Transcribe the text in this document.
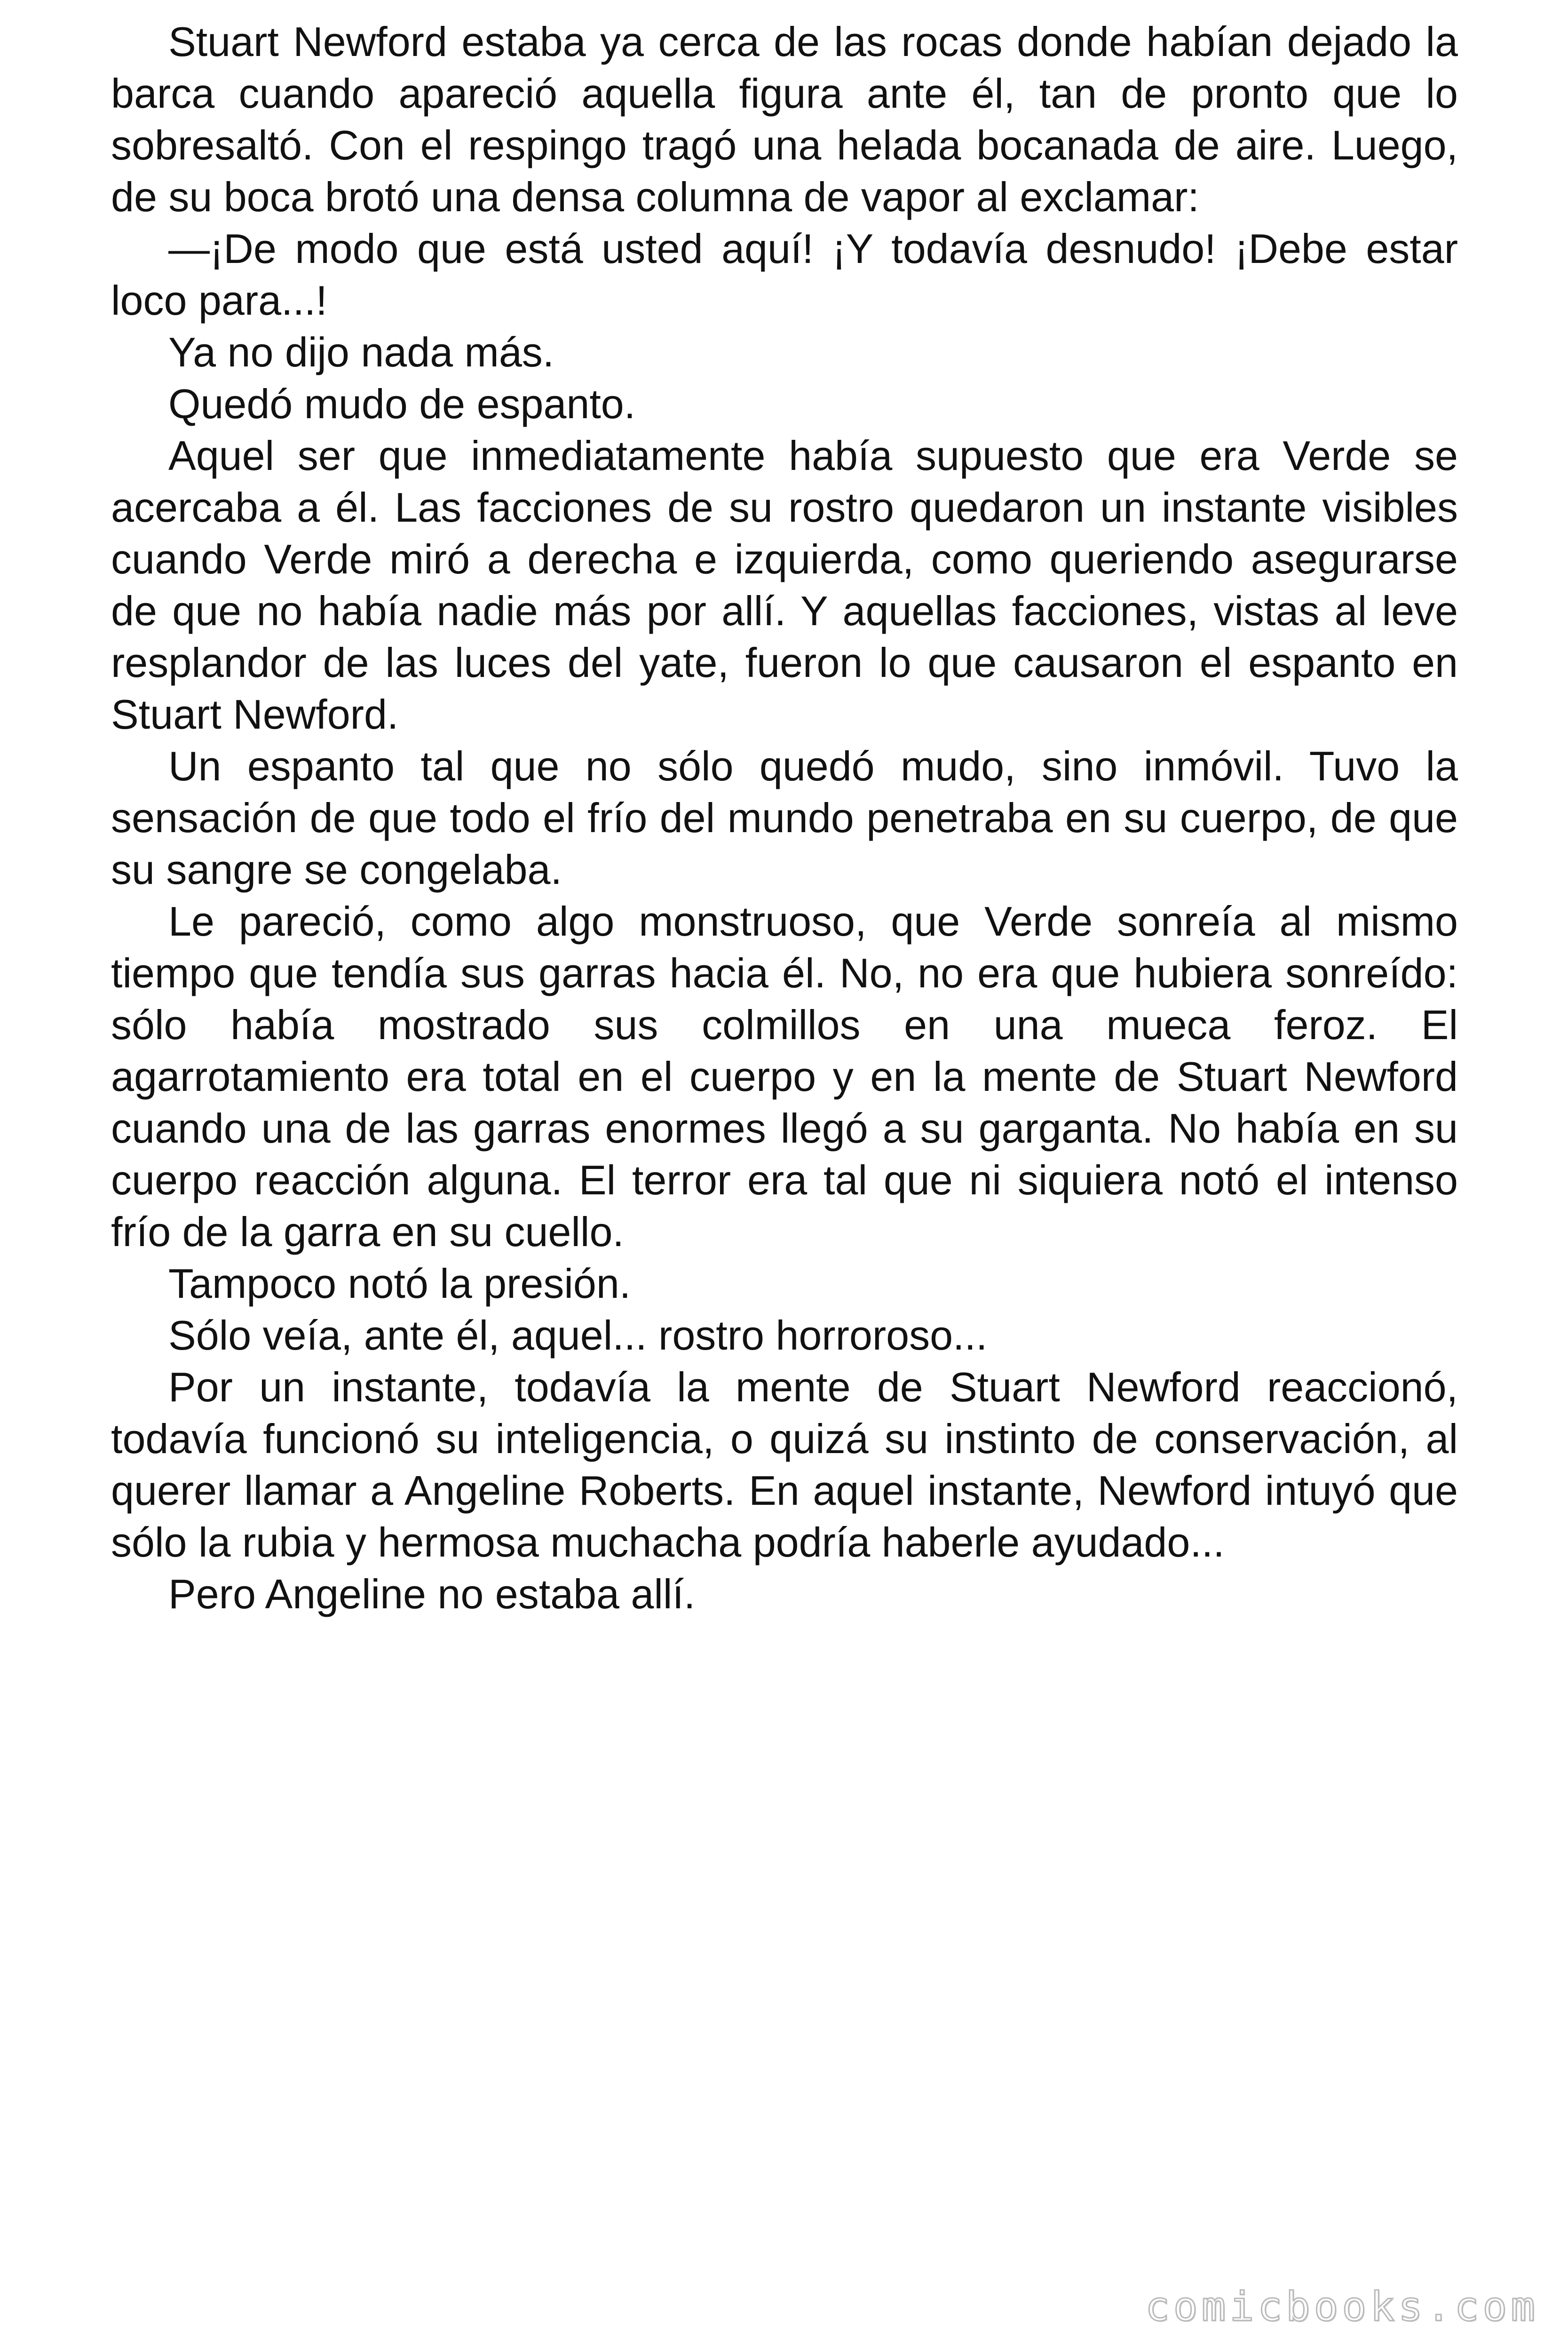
Stuart Newford estaba ya cerca de las rocas donde habían dejado la barca cuando apareció aquella figura ante él, tan de pronto que lo sobresaltó. Con el respingo tragó una helada bocanada de aire. Luego, de su boca brotó una densa columna de vapor al exclamar:

—¡De modo que está usted aquí! ¡Y todavía desnudo! ¡Debe estar loco para...!

Ya no dijo nada más.

Quedó mudo de espanto.

Aquel ser que inmediatamente había supuesto que era Verde se acercaba a él. Las facciones de su rostro quedaron un instante visibles cuando Verde miró a derecha e izquierda, como queriendo asegurarse de que no había nadie más por allí. Y aquellas facciones, vistas al leve resplandor de las luces del yate, fueron lo que causaron el espanto en Stuart Newford.

Un espanto tal que no sólo quedó mudo, sino inmóvil. Tuvo la sensación de que todo el frío del mundo penetraba en su cuerpo, de que su sangre se congelaba.

Le pareció, como algo monstruoso, que Verde sonreía al mismo tiempo que tendía sus garras hacia él. No, no era que hubiera sonreído: sólo había mostrado sus colmillos en una mueca feroz. El agarrotamiento era total en el cuerpo y en la mente de Stuart Newford cuando una de las garras enormes llegó a su garganta. No había en su cuerpo reacción alguna. El terror era tal que ni siquiera notó el intenso frío de la garra en su cuello.

Tampoco notó la presión.

Sólo veía, ante él, aquel... rostro horroroso...

Por un instante, todavía la mente de Stuart Newford reaccionó, todavía funcionó su inteligencia, o quizá su instinto de conservación, al querer llamar a Angeline Roberts. En aquel instante, Newford intuyó que sólo la rubia y hermosa muchacha podría haberle ayudado...

Pero Angeline no estaba allí.

comicbooks.com
